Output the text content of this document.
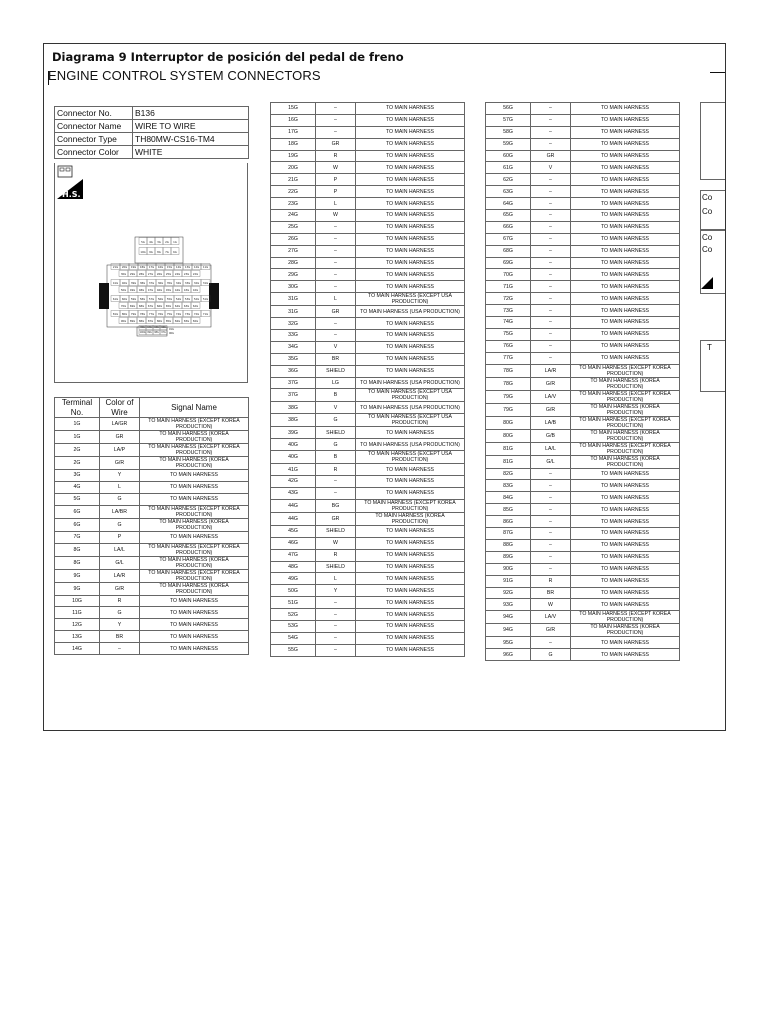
Diagrama 9 Interruptor de posición del pedal de freno
ENGINE CONTROL SYSTEM CONNECTORS
Connector No.	B136
Connector Name	WIRE TO WIRE
Connector Type	TH80MW-CS16-TM4
Connector Color	WHITE
H.S.
5G 4G 3G 2G 1G
10G 9G 8G 7G 6G
21G 20G 19G 18G 17G 16G 15G 14G 13G 12G 11G
30G 29G 28G 27G 26G 25G 24G 23G 22G
41G 40G 39G 38G 37G 36G 35G 34G 33G 32G 31G
50G 49G 48G 47G 46G 45G 44G 43G 42G
61G 60G 59G 58G 57G 56G 55G 54G 53G 52G 51G
70G 69G 68G 67G 66G 65G 64G 63G 62G
81G 80G 79G 78G 77G 76G 75G 74G 73G 72G 71G
90G 89G 88G 87G 86G 85G 84G 83G 82G
95G 94G 93G 92G
100G 99G 98G 97G
91G
96G
Terminal No.	Color of Wire	Signal Name
1G	LA/GR	TO MAIN HARNESS (EXCEPT KOREA PRODUCTION)
1G	GR	TO MAIN HARNESS (KOREA PRODUCTION)
2G	LA/P	TO MAIN HARNESS (EXCEPT KOREA PRODUCTION)
2G	G/R	TO MAIN HARNESS (KOREA PRODUCTION)
3G	Y	TO MAIN HARNESS
4G	L	TO MAIN HARNESS
5G	G	TO MAIN HARNESS
6G	LA/BR	TO MAIN HARNESS (EXCEPT KOREA PRODUCTION)
6G	G	TO MAIN HARNESS (KOREA PRODUCTION)
7G	P	TO MAIN HARNESS
8G	LA/L	TO MAIN HARNESS (EXCEPT KOREA PRODUCTION)
8G	G/L	TO MAIN HARNESS (KOREA PRODUCTION)
9G	LA/R	TO MAIN HARNESS (EXCEPT KOREA PRODUCTION)
9G	G/R	TO MAIN HARNESS (KOREA PRODUCTION)
10G	R	TO MAIN HARNESS
11G	G	TO MAIN HARNESS
12G	Y	TO MAIN HARNESS
13G	BR	TO MAIN HARNESS
14G	–	TO MAIN HARNESS
15G	–	TO MAIN HARNESS
16G	–	TO MAIN HARNESS
17G	–	TO MAIN HARNESS
18G	GR	TO MAIN HARNESS
19G	R	TO MAIN HARNESS
20G	W	TO MAIN HARNESS
21G	P	TO MAIN HARNESS
22G	P	TO MAIN HARNESS
23G	L	TO MAIN HARNESS
24G	W	TO MAIN HARNESS
25G	–	TO MAIN HARNESS
26G	–	TO MAIN HARNESS
27G	–	TO MAIN HARNESS
28G	–	TO MAIN HARNESS
29G	–	TO MAIN HARNESS
30G	–	TO MAIN HARNESS
31G	L	TO MAIN HARNESS (EXCEPT USA PRODUCTION)
31G	GR	TO MAIN HARNESS (USA PRODUCTION)
32G	–	TO MAIN HARNESS
33G	–	TO MAIN HARNESS
34G	V	TO MAIN HARNESS
35G	BR	TO MAIN HARNESS
36G	SHIELD	TO MAIN HARNESS
37G	LG	TO MAIN HARNESS (USA PRODUCTION)
37G	B	TO MAIN HARNESS (EXCEPT USA PRODUCTION)
38G	V	TO MAIN HARNESS (USA PRODUCTION)
38G	G	TO MAIN HARNESS (EXCEPT USA PRODUCTION)
39G	SHIELD	TO MAIN HARNESS
40G	G	TO MAIN HARNESS (USA PRODUCTION)
40G	B	TO MAIN HARNESS (EXCEPT USA PRODUCTION)
41G	R	TO MAIN HARNESS
42G	–	TO MAIN HARNESS
43G	–	TO MAIN HARNESS
44G	BG	TO MAIN HARNESS (EXCEPT KOREA PRODUCTION)
44G	GR	TO MAIN HARNESS (KOREA PRODUCTION)
45G	SHIELD	TO MAIN HARNESS
46G	W	TO MAIN HARNESS
47G	R	TO MAIN HARNESS
48G	SHIELD	TO MAIN HARNESS
49G	L	TO MAIN HARNESS
50G	Y	TO MAIN HARNESS
51G	–	TO MAIN HARNESS
52G	–	TO MAIN HARNESS
53G	–	TO MAIN HARNESS
54G	–	TO MAIN HARNESS
55G	–	TO MAIN HARNESS
56G	–	TO MAIN HARNESS
57G	–	TO MAIN HARNESS
58G	–	TO MAIN HARNESS
59G	–	TO MAIN HARNESS
60G	GR	TO MAIN HARNESS
61G	V	TO MAIN HARNESS
62G	–	TO MAIN HARNESS
63G	–	TO MAIN HARNESS
64G	–	TO MAIN HARNESS
65G	–	TO MAIN HARNESS
66G	–	TO MAIN HARNESS
67G	–	TO MAIN HARNESS
68G	–	TO MAIN HARNESS
69G	–	TO MAIN HARNESS
70G	–	TO MAIN HARNESS
71G	–	TO MAIN HARNESS
72G	–	TO MAIN HARNESS
73G	–	TO MAIN HARNESS
74G	–	TO MAIN HARNESS
75G	–	TO MAIN HARNESS
76G	–	TO MAIN HARNESS
77G	–	TO MAIN HARNESS
78G	LA/R	TO MAIN HARNESS (EXCEPT KOREA PRODUCTION)
78G	G/R	TO MAIN HARNESS (KOREA PRODUCTION)
79G	LA/V	TO MAIN HARNESS (EXCEPT KOREA PRODUCTION)
79G	G/R	TO MAIN HARNESS (KOREA PRODUCTION)
80G	LA/B	TO MAIN HARNESS (EXCEPT KOREA PRODUCTION)
80G	G/B	TO MAIN HARNESS (KOREA PRODUCTION)
81G	LA/L	TO MAIN HARNESS (EXCEPT KOREA PRODUCTION)
81G	G/L	TO MAIN HARNESS (KOREA PRODUCTION)
82G	–	TO MAIN HARNESS
83G	–	TO MAIN HARNESS
84G	–	TO MAIN HARNESS
85G	–	TO MAIN HARNESS
86G	–	TO MAIN HARNESS
87G	–	TO MAIN HARNESS
88G	–	TO MAIN HARNESS
89G	–	TO MAIN HARNESS
90G	–	TO MAIN HARNESS
91G	R	TO MAIN HARNESS
92G	BR	TO MAIN HARNESS
93G	W	TO MAIN HARNESS
94G	LA/V	TO MAIN HARNESS (EXCEPT KOREA PRODUCTION)
94G	G/R	TO MAIN HARNESS (KOREA PRODUCTION)
95G	–	TO MAIN HARNESS
96G	G	TO MAIN HARNESS
Co
Co
Co
Co
T
